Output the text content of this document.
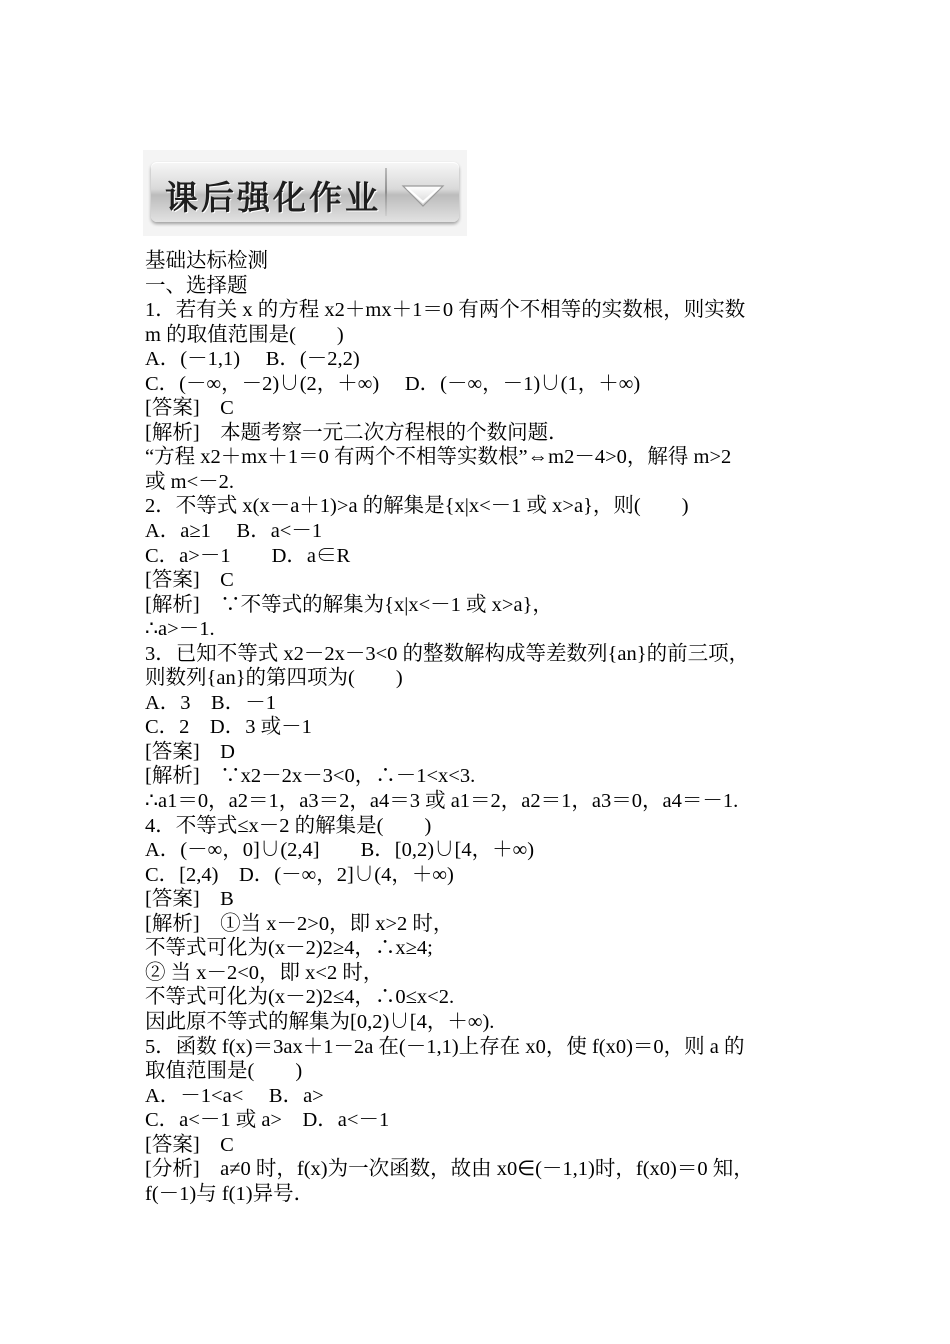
课后强化作业

基础达标检测

一、选择题

1．若有关 x 的方程 x2＋mx＋1＝0 有两个不相等的实数根，则实数

m 的取值范围是(　　)

A．(－1,1)　 B．(－2,2)

C．(－∞，－2)∪(2，＋∞)　 D．(－∞，－1)∪(1，＋∞)

[答案]　C

[解析]　本题考察一元二次方程根的个数问题．

“方程 x2＋mx＋1＝0 有两个不相等实数根”⇔m2－4>0，解得 m>2

或 m<－2.

2．不等式 x(x－a＋1)>a 的解集是{x|x<－1 或 x>a}，则(　　)

A．a≥1　 B．a<－1

C．a>－1　　D．a∈R

[答案]　C

[解析]　∵不等式的解集为{x|x<－1 或 x>a}，

∴a>－1.

3．已知不等式 x2－2x－3<0 的整数解构成等差数列{an}的前三项，

则数列{an}的第四项为(　　)

A．3　B．－1

C．2　D．3 或－1

[答案]　D

[解析]　∵x2－2x－3<0，∴－1<x<3.

∴a1＝0，a2＝1，a3＝2，a4＝3 或 a1＝2，a2＝1，a3＝0，a4＝－1.

4．不等式≤x－2 的解集是(　　)

A．(－∞，0]∪(2,4]　　B．[0,2)∪[4，＋∞)

C．[2,4)　D．(－∞，2]∪(4，＋∞)

[答案]　B

[解析]　①当 x－2>0，即 x>2 时，

不等式可化为(x－2)2≥4，∴x≥4;

② 当 x－2<0，即 x<2 时，

不等式可化为(x－2)2≤4，∴0≤x<2.

因此原不等式的解集为[0,2)∪[4，＋∞).

5．函数 f(x)＝3ax＋1－2a 在(－1,1)上存在 x0，使 f(x0)＝0，则 a 的

取值范围是(　　)

A．－1<a<　 B．a>

C．a<－1 或 a>　D．a<－1

[答案]　C

[分析]　a≠0 时，f(x)为一次函数，故由 x0∈(－1,1)时，f(x0)＝0 知，

f(－1)与 f(1)异号．
